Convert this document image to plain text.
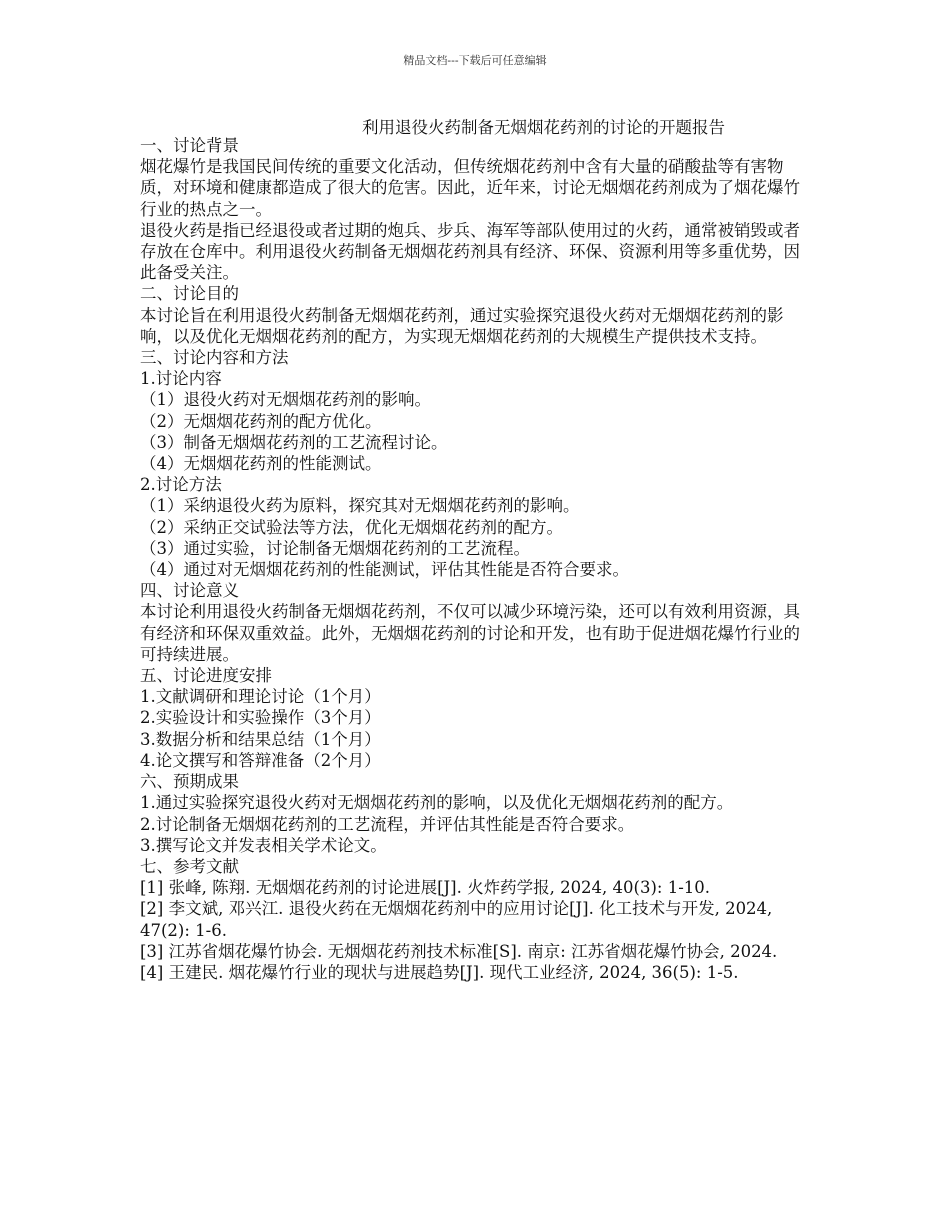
精品文档---下载后可任意编辑
利用退役火药制备无烟烟花药剂的讨论的开题报告

一、讨论背景

烟花爆竹是我国民间传统的重要文化活动，但传统烟花药剂中含有大量的硝酸盐等有害物质，对环境和健康都造成了很大的危害。因此，近年来，讨论无烟烟花药剂成为了烟花爆竹行业的热点之一。

退役火药是指已经退役或者过期的炮兵、步兵、海军等部队使用过的火药，通常被销毁或者存放在仓库中。利用退役火药制备无烟烟花药剂具有经济、环保、资源利用等多重优势，因此备受关注。

二、讨论目的

本讨论旨在利用退役火药制备无烟烟花药剂，通过实验探究退役火药对无烟烟花药剂的影响，以及优化无烟烟花药剂的配方，为实现无烟烟花药剂的大规模生产提供技术支持。

三、讨论内容和方法

1.讨论内容

（1）退役火药对无烟烟花药剂的影响。

（2）无烟烟花药剂的配方优化。

（3）制备无烟烟花药剂的工艺流程讨论。

（4）无烟烟花药剂的性能测试。

2.讨论方法

（1）采纳退役火药为原料，探究其对无烟烟花药剂的影响。

（2）采纳正交试验法等方法，优化无烟烟花药剂的配方。

（3）通过实验，讨论制备无烟烟花药剂的工艺流程。

（4）通过对无烟烟花药剂的性能测试，评估其性能是否符合要求。

四、讨论意义

本讨论利用退役火药制备无烟烟花药剂，不仅可以减少环境污染，还可以有效利用资源，具有经济和环保双重效益。此外，无烟烟花药剂的讨论和开发，也有助于促进烟花爆竹行业的可持续进展。

五、讨论进度安排

1.文献调研和理论讨论（1个月）

2.实验设计和实验操作（3个月）

3.数据分析和结果总结（1个月）

4.论文撰写和答辩准备（2个月）

六、预期成果

1.通过实验探究退役火药对无烟烟花药剂的影响，以及优化无烟烟花药剂的配方。

2.讨论制备无烟烟花药剂的工艺流程，并评估其性能是否符合要求。

3.撰写论文并发表相关学术论文。

七、参考文献

[1] 张峰, 陈翔. 无烟烟花药剂的讨论进展[J]. 火炸药学报, 2024, 40(3): 1-10.

[2] 李文斌, 邓兴江. 退役火药在无烟烟花药剂中的应用讨论[J]. 化工技术与开发, 2024, 47(2): 1-6.

[3] 江苏省烟花爆竹协会. 无烟烟花药剂技术标准[S]. 南京: 江苏省烟花爆竹协会, 2024.

[4] 王建民. 烟花爆竹行业的现状与进展趋势[J]. 现代工业经济, 2024, 36(5): 1-5.
